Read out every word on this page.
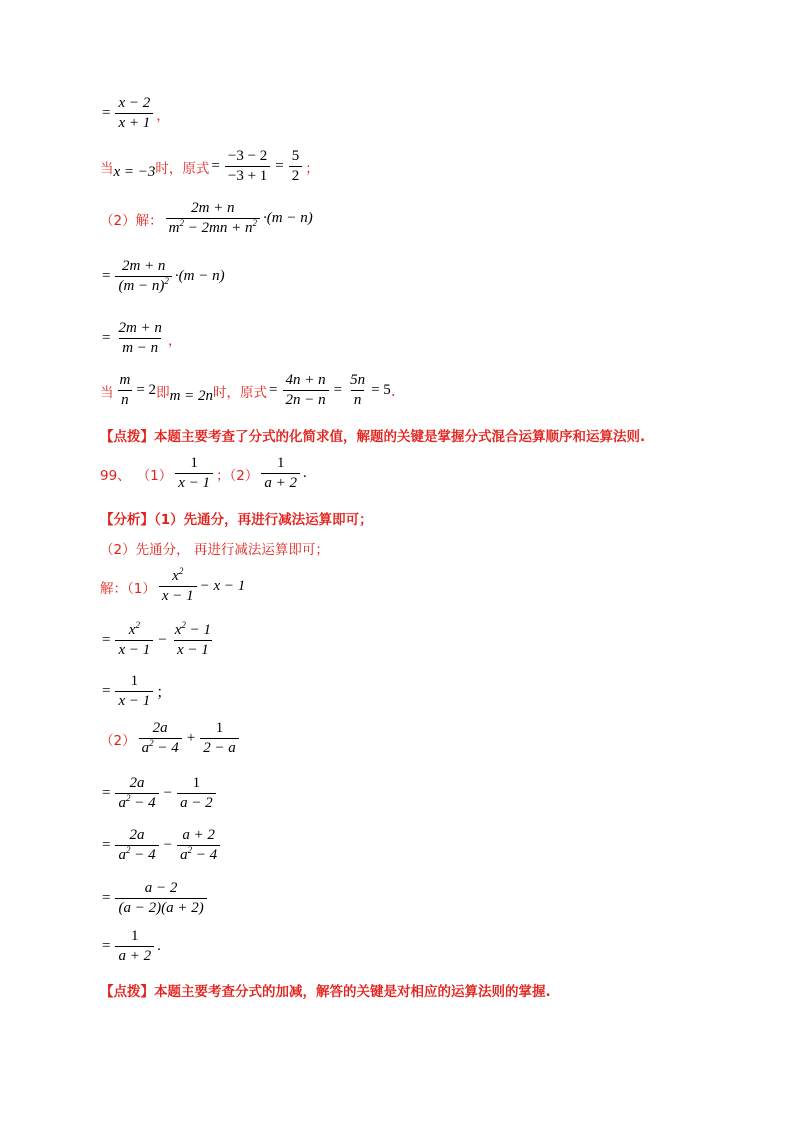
= $\frac{x - 2}{x + 1}$ ，
当 x = −3 时，原式 = $\frac{-3 - 2}{-3 + 1} = \frac{5}{2}$ ；
（2）解： $\frac{2m + n}{m^2 - 2mn + n^2} \cdot(m - n)$
= $\frac{2m + n}{(m - n)^2} \cdot(m - n)$
= $\frac{2m + n}{m - n}$ ，
当 $\frac{m}{n} = 2$ 即 m = 2n 时，原式 = $\frac{4n + n}{2n - n} = \frac{5n}{n} = 5$ .
【点拨】本题主要考查了分式的化简求值，解题的关键是掌握分式混合运算顺序和运算法则.
99、 $(1) \frac{1}{x - 1}$ ；$(2) \frac{1}{a + 2}$ .
【分析】（1）先通分，再进行减法运算即可；
（2）先通分， 再进行减法运算即可；
解：$(1) \frac{x^2}{x - 1} - x - 1$
= $\frac{x^2}{x - 1} - \frac{x^2 - 1}{x - 1}$
= $\frac{1}{x - 1}$ ；
$(2) \frac{2a}{a^2 - 4} + \frac{1}{2 - a}$
= $\frac{2a}{a^2 - 4} - \frac{1}{a - 2}$
= $\frac{2a}{a^2 - 4} - \frac{a + 2}{a^2 - 4}$
= $\frac{a - 2}{(a - 2)(a + 2)}$
= $\frac{1}{a + 2}$ .
【点拨】本题主要考查分式的加减，解答的关键是对相应的运算法则的掌握.
